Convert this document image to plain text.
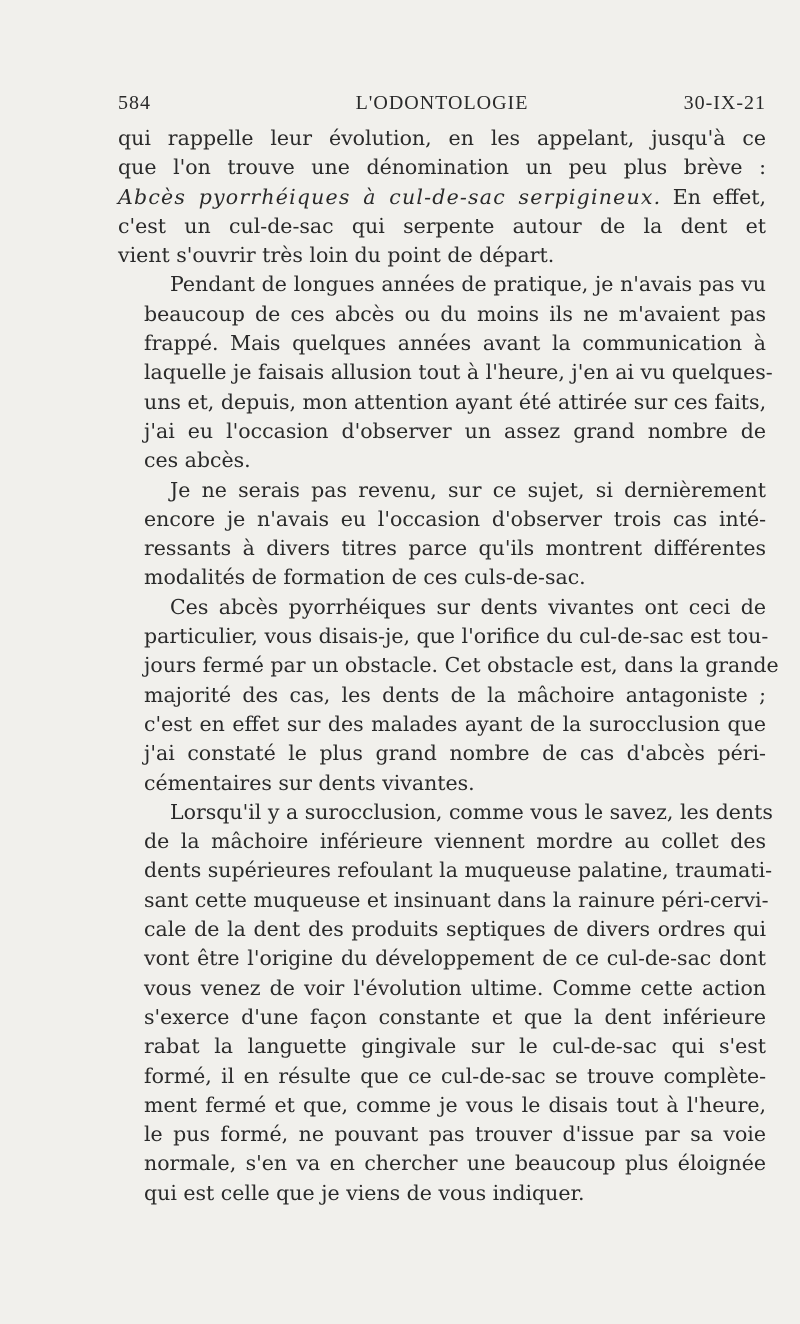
584	L'ODONTOLOGIE	30-IX-21
qui rappelle leur évolution, en les appelant, jusqu'à ce
que l'on trouve une dénomination un peu plus brève :
Abcès pyorrhéiques à cul-de-sac serpigineux. En effet,
c'est un cul-de-sac qui serpente autour de la dent et
vient s'ouvrir très loin du point de départ.
Pendant de longues années de pratique, je n'avais pas vu
beaucoup de ces abcès ou du moins ils ne m'avaient pas
frappé. Mais quelques années avant la communication à
laquelle je faisais allusion tout à l'heure, j'en ai vu quelques-
uns et, depuis, mon attention ayant été attirée sur ces faits,
j'ai eu l'occasion d'observer un assez grand nombre de
ces abcès.
Je ne serais pas revenu, sur ce sujet, si dernièrement
encore je n'avais eu l'occasion d'observer trois cas inté-
ressants à divers titres parce qu'ils montrent différentes
modalités de formation de ces culs-de-sac.
Ces abcès pyorrhéiques sur dents vivantes ont ceci de
particulier, vous disais-je, que l'orifice du cul-de-sac est tou-
jours fermé par un obstacle. Cet obstacle est, dans la grande
majorité des cas, les dents de la mâchoire antagoniste ;
c'est en effet sur des malades ayant de la surocclusion que
j'ai constaté le plus grand nombre de cas d'abcès péri-
cémentaires sur dents vivantes.
Lorsqu'il y a surocclusion, comme vous le savez, les dents
de la mâchoire inférieure viennent mordre au collet des
dents supérieures refoulant la muqueuse palatine, traumati-
sant cette muqueuse et insinuant dans la rainure péri-cervi-
cale de la dent des produits septiques de divers ordres qui
vont être l'origine du développement de ce cul-de-sac dont
vous venez de voir l'évolution ultime. Comme cette action
s'exerce d'une façon constante et que la dent inférieure
rabat la languette gingivale sur le cul-de-sac qui s'est
formé, il en résulte que ce cul-de-sac se trouve complète-
ment fermé et que, comme je vous le disais tout à l'heure,
le pus formé, ne pouvant pas trouver d'issue par sa voie
normale, s'en va en chercher une beaucoup plus éloignée
qui est celle que je viens de vous indiquer.
